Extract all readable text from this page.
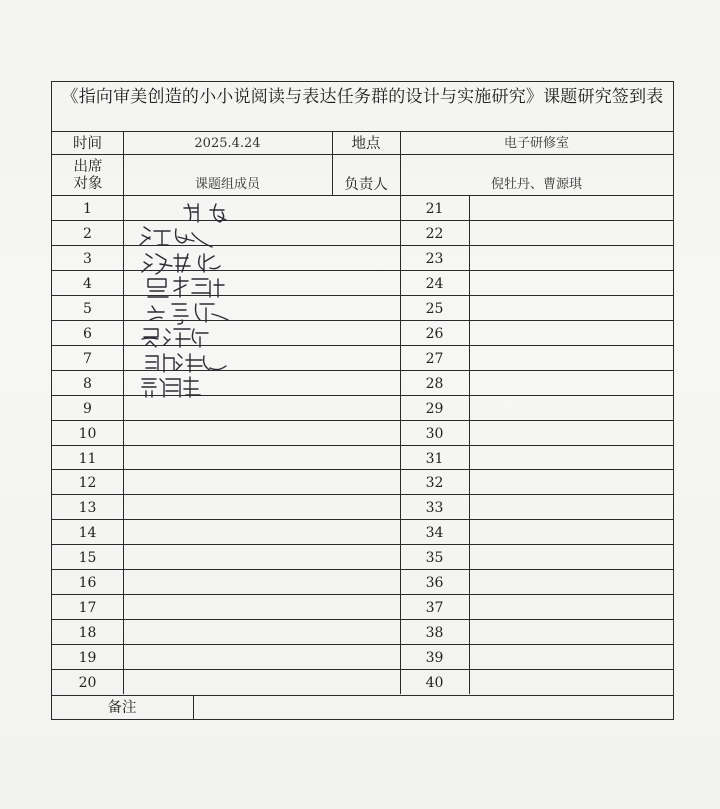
《指向审美创造的小小说阅读与表达任务群的设计与实施研究》课题研究签到表
时间	2025.4.24	地点	电子研修室
出席对象	课题组成员	负责人	倪牡丹、曹源琪
1	21
2	22
3	23
4	24
5	25
6	26
7	27
8	28
9	29
10	30
11	31
12	32
13	33
14	34
15	35
16	36
17	37
18	38
19	39
20	40
备注
